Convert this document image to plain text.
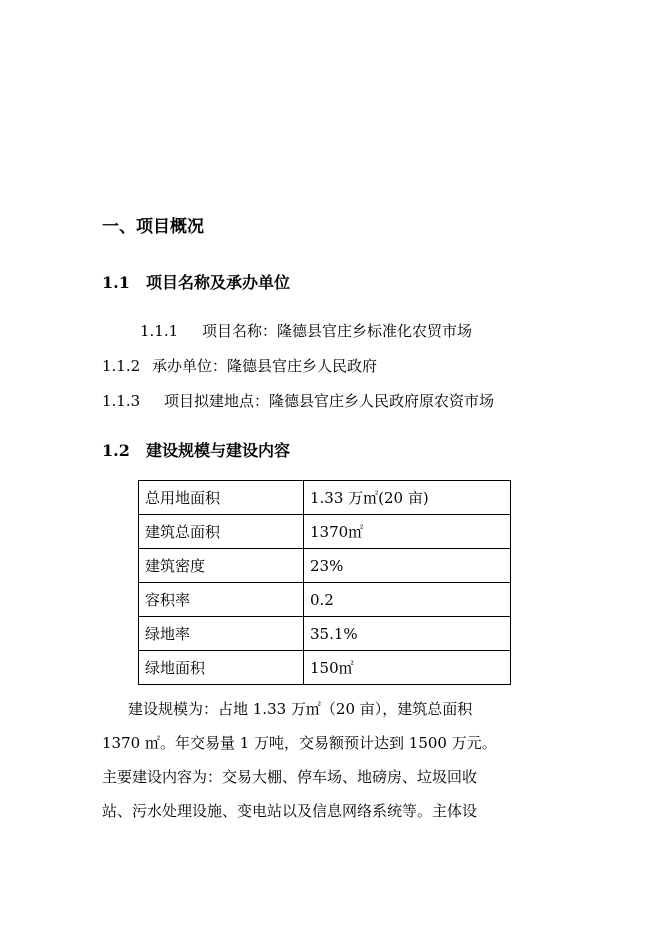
一、项目概况
1.1 项目名称及承办单位
1.1.1 项目名称：隆德县官庄乡标准化农贸市场
1.1.2 承办单位：隆德县官庄乡人民政府
1.1.3 项目拟建地点：隆德县官庄乡人民政府原农资市场
1.2 建设规模与建设内容
总用地面积	1.33 万㎡(20 亩)
建筑总面积	1370㎡
建筑密度	23%
容积率	0.2
绿地率	35.1%
绿地面积	150㎡
建设规模为：占地 1.33 万㎡（20 亩），建筑总面积
1370 ㎡。年交易量 1 万吨，交易额预计达到 1500 万元。
主要建设内容为：交易大棚、停车场、地磅房、垃圾回收
站、污水处理设施、变电站以及信息网络系统等。主体设
